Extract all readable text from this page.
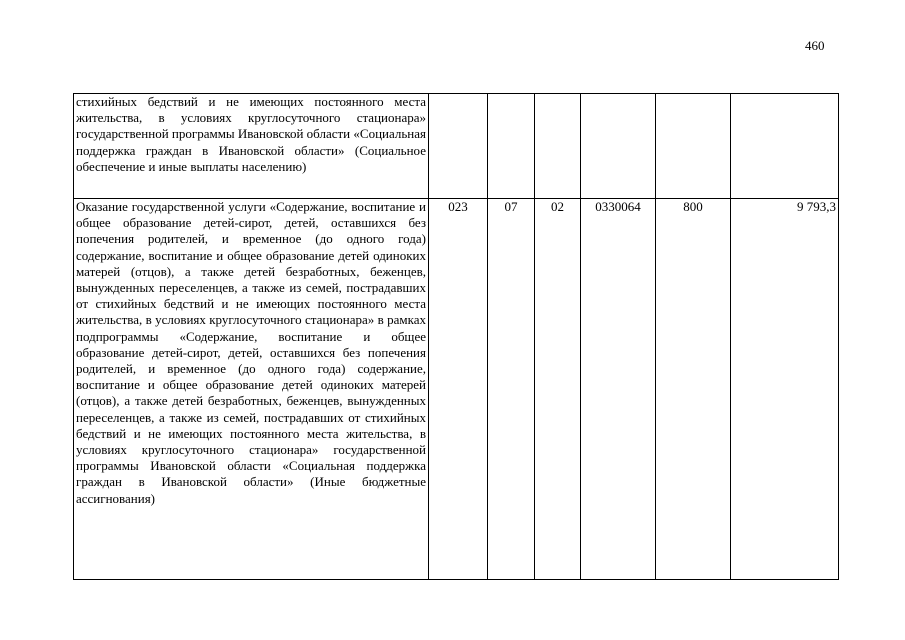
460
стихийных бедствий и не имеющих постоянного места жительства, в условиях круглосуточного стационара» государственной программы Ивановской области «Социальная поддержка граждан в Ивановской области» (Социальное обеспечение и иные выплаты населению)						
Оказание государственной услуги «Содержание, воспитание и общее образование детей-сирот, детей, оставшихся без попечения родителей, и временное (до одного года) содержание, воспитание и общее образование детей одиноких матерей (отцов), а также детей безработных, беженцев, вынужденных переселенцев, а также из семей, пострадавших от стихийных бедствий и не имеющих постоянного места жительства, в условиях круглосуточного стационара» в рамках подпрограммы «Содержание, воспитание и общее образование детей-сирот, детей, оставшихся без попечения родителей, и временное (до одного года) содержание, воспитание и общее образование детей одиноких матерей (отцов), а также детей безработных, беженцев, вынужденных переселенцев, а также из семей, пострадавших от стихийных бедствий и не имеющих постоянного места жительства, в условиях круглосуточного стационара» государственной программы Ивановской области «Социальная поддержка граждан в Ивановской области» (Иные бюджетные ассигнования)	023	07	02	0330064	800	9 793,3
